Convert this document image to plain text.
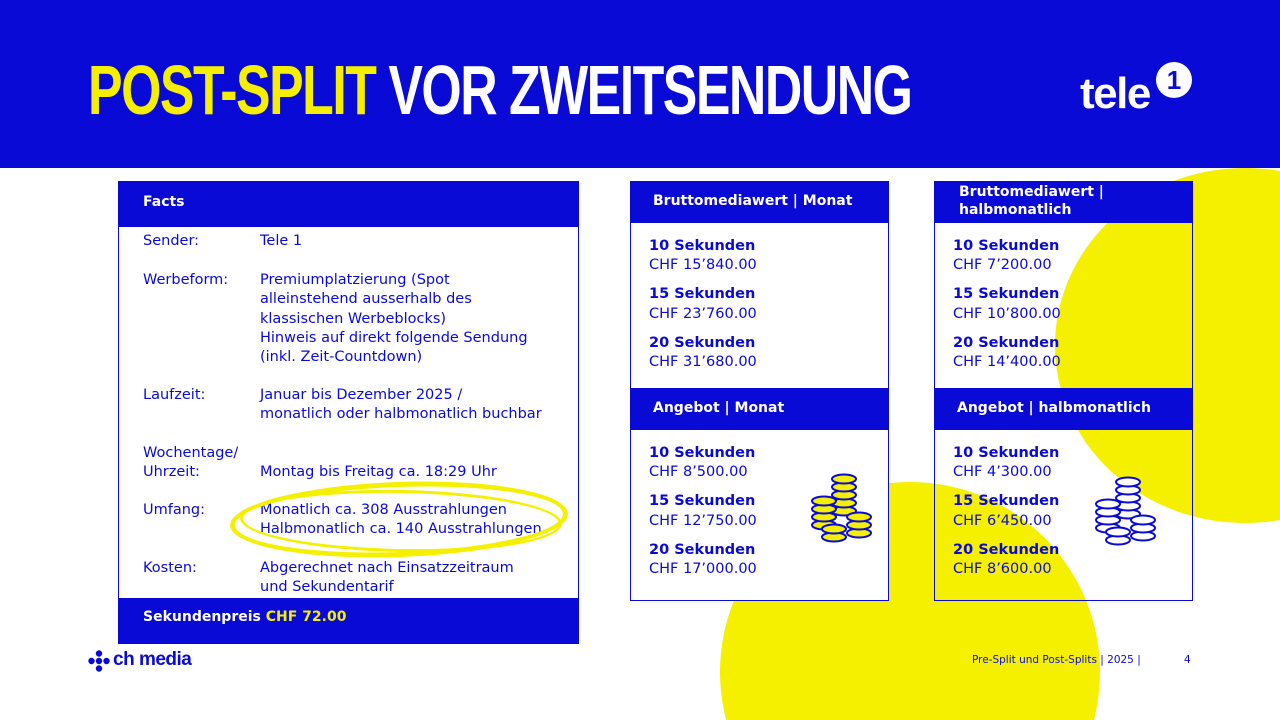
POST-SPLIT VOR ZWEITSENDUNG	tele 1
Facts
Sender:	Tele 1
Werbeform:	Premiumplatzierung (Spot
alleinstehend ausserhalb des
klassischen Werbeblocks)
Hinweis auf direkt folgende Sendung
(inkl. Zeit-Countdown)
Laufzeit:	Januar bis Dezember 2025 /
monatlich oder halbmonatlich buchbar
Wochentage/
Uhrzeit:	Montag bis Freitag ca. 18:29 Uhr
Umfang:	Monatlich ca. 308 Ausstrahlungen
Halbmonatlich ca. 140 Ausstrahlungen
Kosten:	Abgerechnet nach Einsatzzeitraum
und Sekundentarif
Sekundenpreis CHF 72.00
Bruttomediawert | Monat
10 Sekunden
CHF 15’840.00
15 Sekunden
CHF 23’760.00
20 Sekunden
CHF 31’680.00
Bruttomediawert |
halbmonatlich
10 Sekunden
CHF 7’200.00
15 Sekunden
CHF 10’800.00
20 Sekunden
CHF 14’400.00
Angebot | Monat
10 Sekunden
CHF 8’500.00
15 Sekunden
CHF 12’750.00
20 Sekunden
CHF 17’000.00
Angebot | halbmonatlich
10 Sekunden
CHF 4’300.00
15 Sekunden
CHF 6’450.00
20 Sekunden
CHF 8’600.00
ch media	Pre-Split und Post-Splits | 2025 |	4
